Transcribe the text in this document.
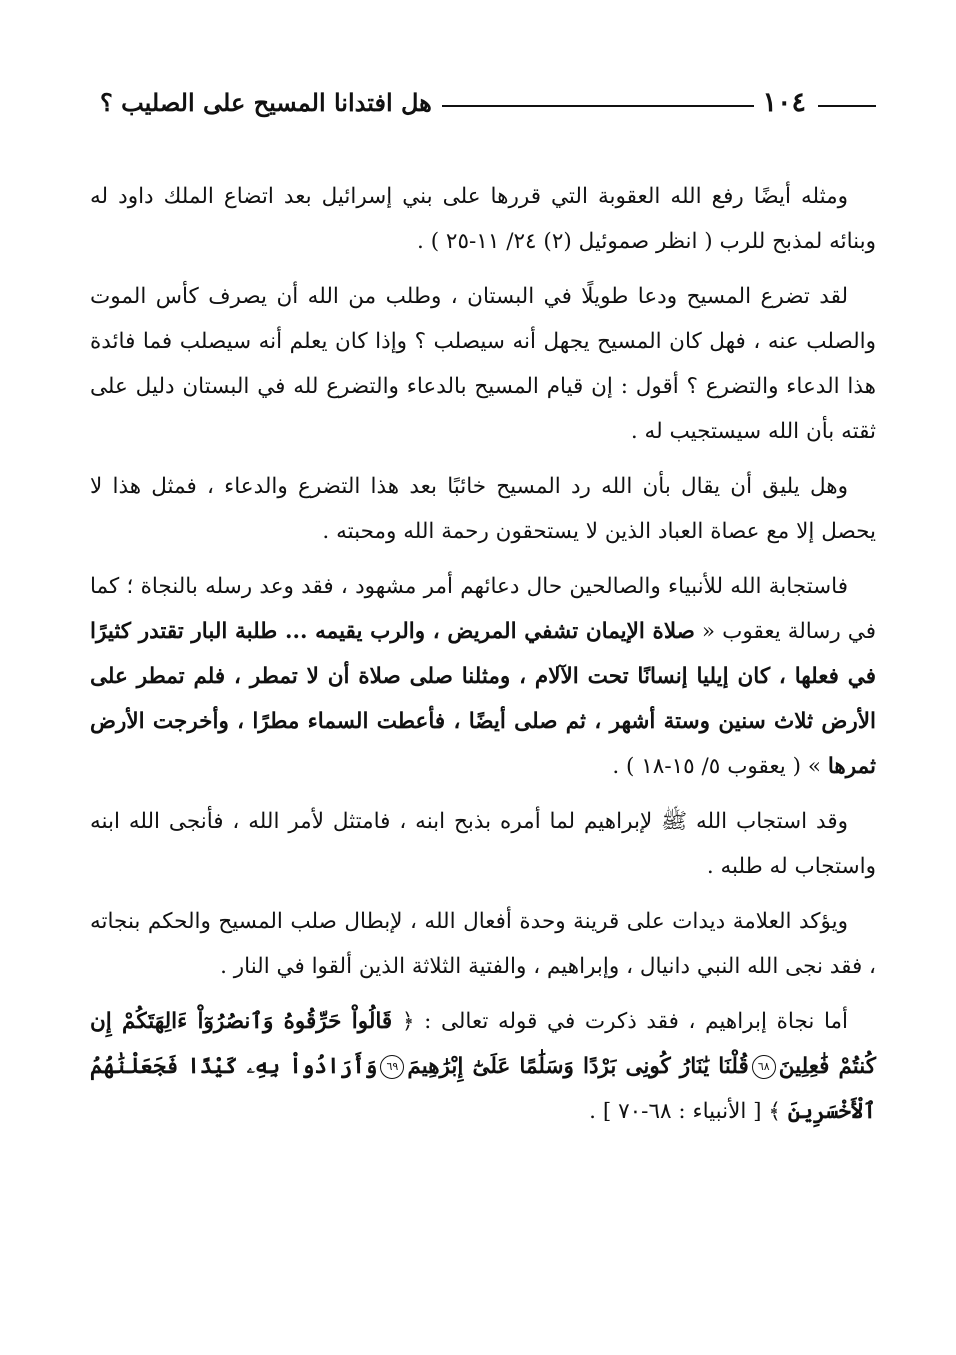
١٠٤
هل افتدانا المسيح على الصليب ؟

ومثله أيضًا رفع الله العقوبة التي قررها على بني إسرائيل بعد اتضاع الملك داود له وبنائه لمذبح للرب ( انظر صموئيل (٢) ٢٤/ ١١-٢٥ ) .

لقد تضرع المسيح ودعا طويلًا في البستان ، وطلب من الله أن يصرف كأس الموت والصلب عنه ، فهل كان المسيح يجهل أنه سيصلب ؟ وإذا كان يعلم أنه سيصلب فما فائدة هذا الدعاء والتضرع ؟ أقول : إن قيام المسيح بالدعاء والتضرع لله في البستان دليل على ثقته بأن الله سيستجيب له .

وهل يليق أن يقال بأن الله رد المسيح خائبًا بعد هذا التضرع والدعاء ، فمثل هذا لا يحصل إلا مع عصاة العباد الذين لا يستحقون رحمة الله ومحبته .

فاستجابة الله للأنبياء والصالحين حال دعائهم أمر مشهود ، فقد وعد رسله بالنجاة ؛ كما في رسالة يعقوب « صلاة الإيمان تشفي المريض ، والرب يقيمه ... طلبة البار تقتدر كثيرًا في فعلها ، كان إيليا إنسانًا تحت الآلام ، ومثلنا صلى صلاة أن لا تمطر ، فلم تمطر على الأرض ثلاث سنين وستة أشهر ، ثم صلى أيضًا ، فأعطت السماء مطرًا ، وأخرجت الأرض ثمرها » ( يعقوب ٥/ ١٥-١٨ ) .

وقد استجاب الله ﷺ لإبراهيم لما أمره بذبح ابنه ، فامتثل لأمر الله ، فأنجى الله ابنه واستجاب له طلبه .

ويؤكد العلامة ديدات على قرينة وحدة أفعال الله ، لإبطال صلب المسيح والحكم بنجاته ، فقد نجى الله النبي دانيال ، وإبراهيم ، والفتية الثلاثة الذين ألقوا في النار .

أما نجاة إبراهيم ، فقد ذكرت في قوله تعالى : ﴿ قَالُواْ حَرِّقُوهُ وَٱنصُرُوٓاْ ءَالِهَتَكُمْ إِن كُنتُمْ فَٰعِلِينَ٦٨قُلْنَا يَٰنَارُ كُونِى بَرْدًا وَسَلَٰمًا عَلَىٰٓ إِبْرَٰهِيمَ٦٩وَأَرَادُواْ بِهِۦ كَيْدًا فَجَعَلْنَٰهُمُ ٱلْأَخْسَرِينَ ﴾ [ الأنبياء : ٦٨-٧٠ ] .
